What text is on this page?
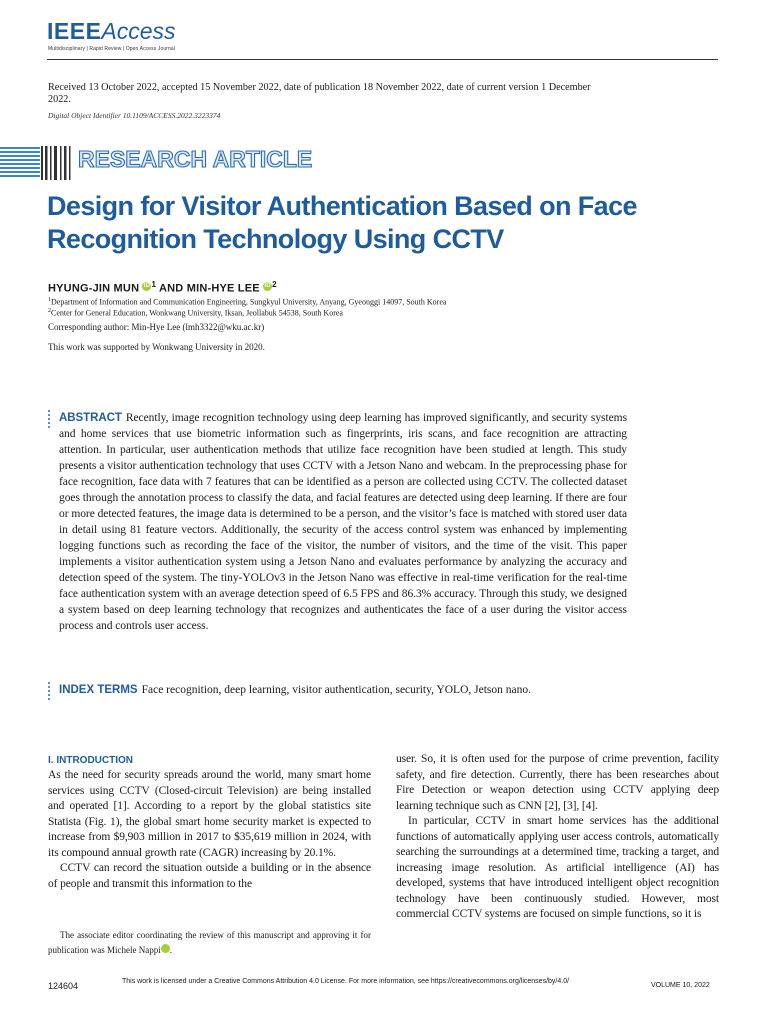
IEEEAccess
Multidisciplinary | Rapid Review | Open Access Journal
Received 13 October 2022, accepted 15 November 2022, date of publication 18 November 2022, date of current version 1 December 2022.
Digital Object Identifier 10.1109/ACCESS.2022.3223374
RESEARCH ARTICLE
Design for Visitor Authentication Based on Face Recognition Technology Using CCTV
HYUNG-JIN MUN $iD^1$ AND MIN-HYE LEE $iD^2$
$^1$Department of Information and Communication Engineering, Sungkyul University, Anyang, Gyeonggi 14097, South Korea
$^2$Center for General Education, Wonkwang University, Iksan, Jeollabuk 54538, South Korea
Corresponding author: Min-Hye Lee (lmh3322@wku.ac.kr)
This work was supported by Wonkwang University in 2020.
ABSTRACT Recently, image recognition technology using deep learning has improved significantly, and security systems and home services that use biometric information such as fingerprints, iris scans, and face recognition are attracting attention. In particular, user authentication methods that utilize face recognition have been studied at length. This study presents a visitor authentication technology that uses CCTV with a Jetson Nano and webcam. In the preprocessing phase for face recognition, face data with 7 features that can be identified as a person are collected using CCTV. The collected dataset goes through the annotation process to classify the data, and facial features are detected using deep learning. If there are four or more detected features, the image data is determined to be a person, and the visitor’s face is matched with stored user data in detail using 81 feature vectors. Additionally, the security of the access control system was enhanced by implementing logging functions such as recording the face of the visitor, the number of visitors, and the time of the visit. This paper implements a visitor authentication system using a Jetson Nano and evaluates performance by analyzing the accuracy and detection speed of the system. The tiny-YOLOv3 in the Jetson Nano was effective in real-time verification for the real-time face authentication system with an average detection speed of 6.5 FPS and 86.3% accuracy. Through this study, we designed a system based on deep learning technology that recognizes and authenticates the face of a user during the visitor access process and controls user access.
INDEX TERMS Face recognition, deep learning, visitor authentication, security, YOLO, Jetson nano.
I. INTRODUCTION

As the need for security spreads around the world, many smart home services using CCTV (Closed-circuit Television) are being installed and operated [1]. According to a report by the global statistics site Statista (Fig. 1), the global smart home security market is expected to increase from $9,903 million in 2017 to $35,619 million in 2024, with its compound annual growth rate (CAGR) increasing by 20.1%.

CCTV can record the situation outside a building or in the absence of people and transmit this information to the

user. So, it is often used for the purpose of crime prevention, facility safety, and fire detection. Currently, there has been researches about Fire Detection or weapon detection using CCTV applying deep learning technique such as CNN [2], [3], [4].

In particular, CCTV in smart home services has the additional functions of automatically applying user access controls, automatically searching the surroundings at a determined time, tracking a target, and increasing image resolution. As artificial intelligence (AI) has developed, systems that have introduced intelligent object recognition technology have been continuously studied. However, most commercial CCTV systems are focused on simple functions, so it is

The associate editor coordinating the review of this manuscript and approving it for publication was Michele Nappi iD.

124604	This work is licensed under a Creative Commons Attribution 4.0 License. For more information, see https://creativecommons.org/licenses/by/4.0/
VOLUME 10, 2022
